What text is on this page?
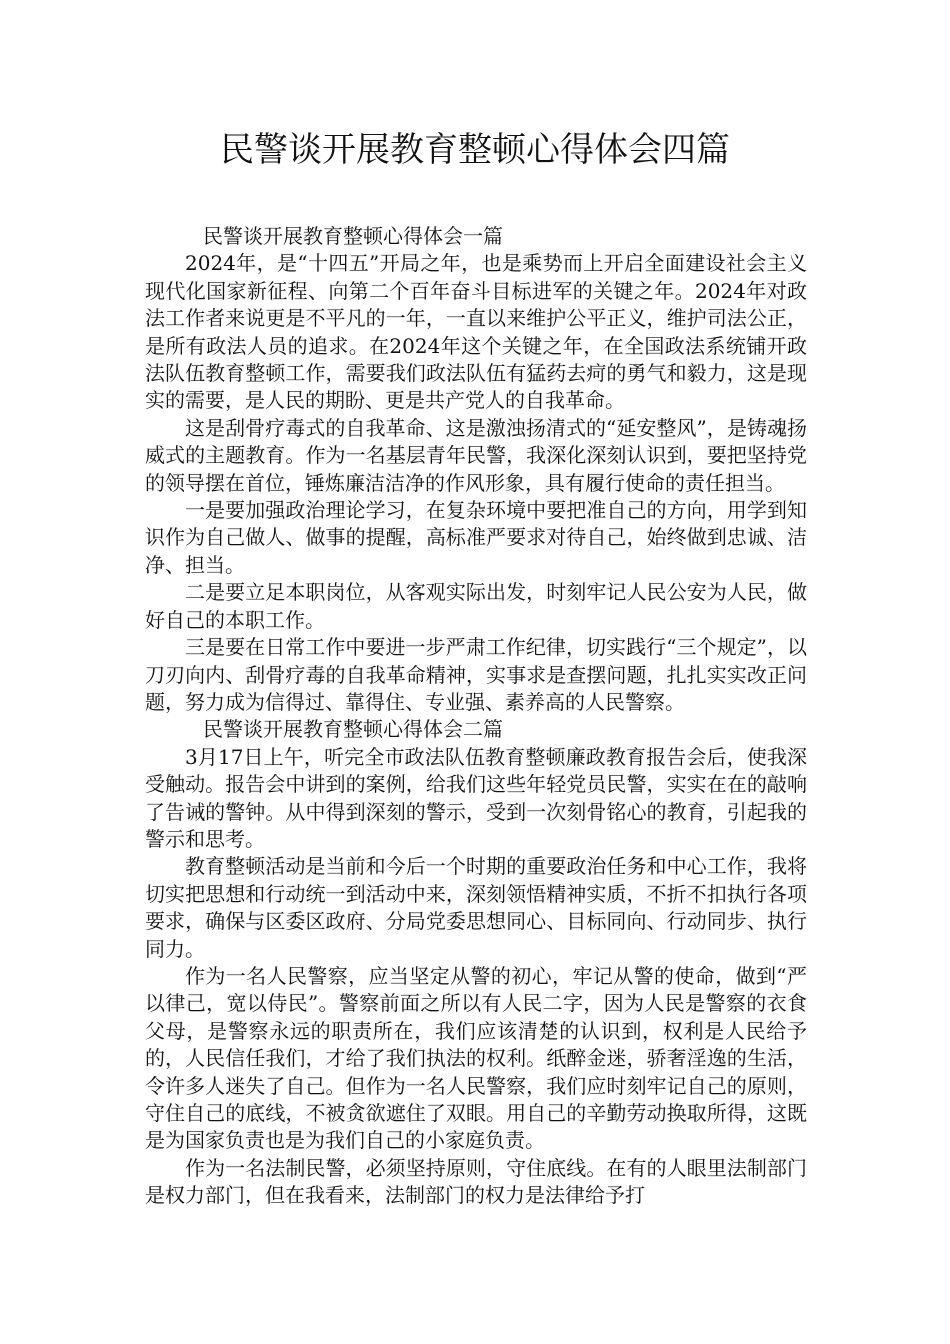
民警谈开展教育整顿心得体会四篇

民警谈开展教育整顿心得体会一篇

2024年，是“十四五”开局之年，也是乘势而上开启全面建设社会主义现代化国家新征程、向第二个百年奋斗目标进军的关键之年。2024年对政法工作者来说更是不平凡的一年，一直以来维护公平正义，维护司法公正，是所有政法人员的追求。在2024年这个关键之年，在全国政法系统铺开政法队伍教育整顿工作，需要我们政法队伍有猛药去疴的勇气和毅力，这是现实的需要，是人民的期盼、更是共产党人的自我革命。

这是刮骨疗毒式的自我革命、这是激浊扬清式的“延安整风”，是铸魂扬威式的主题教育。作为一名基层青年民警，我深化深刻认识到，要把坚持党的领导摆在首位，锤炼廉洁洁净的作风形象，具有履行使命的责任担当。

一是要加强政治理论学习，在复杂环境中要把准自己的方向，用学到知识作为自己做人、做事的提醒，高标准严要求对待自己，始终做到忠诚、洁净、担当。

二是要立足本职岗位，从客观实际出发，时刻牢记人民公安为人民，做好自己的本职工作。

三是要在日常工作中要进一步严肃工作纪律，切实践行“三个规定”，以刀刃向内、刮骨疗毒的自我革命精神，实事求是查摆问题，扎扎实实改正问题，努力成为信得过、靠得住、专业强、素养高的人民警察。

民警谈开展教育整顿心得体会二篇

3月17日上午，听完全市政法队伍教育整顿廉政教育报告会后，使我深受触动。报告会中讲到的案例，给我们这些年轻党员民警，实实在在的敲响了告诫的警钟。从中得到深刻的警示，受到一次刻骨铭心的教育，引起我的警示和思考。

教育整顿活动是当前和今后一个时期的重要政治任务和中心工作，我将切实把思想和行动统一到活动中来，深刻领悟精神实质，不折不扣执行各项要求，确保与区委区政府、分局党委思想同心、目标同向、行动同步、执行同力。

作为一名人民警察，应当坚定从警的初心，牢记从警的使命，做到“严以律己，宽以侍民”。警察前面之所以有人民二字，因为人民是警察的衣食父母，是警察永远的职责所在，我们应该清楚的认识到，权利是人民给予的，人民信任我们，才给了我们执法的权利。纸醉金迷，骄奢淫逸的生活，令许多人迷失了自己。但作为一名人民警察，我们应时刻牢记自己的原则，守住自己的底线，不被贪欲遮住了双眼。用自己的辛勤劳动换取所得，这既是为国家负责也是为我们自己的小家庭负责。

作为一名法制民警，必须坚持原则，守住底线。在有的人眼里法制部门是权力部门，但在我看来，法制部门的权力是法律给予打
